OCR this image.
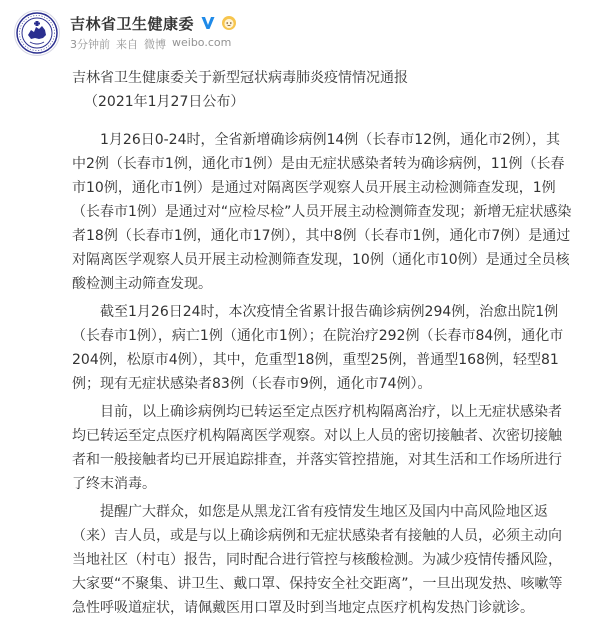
吉林省卫生健康委
3分钟前 来自 微博 weibo.com
吉林省卫生健康委关于新型冠状病毒肺炎疫情情况通报
（2021年1月27日公布）

1月26日0-24时，全省新增确诊病例14例（长春市12例，通化市2例），其中2例（长春市1例，通化市1例）是由无症状感染者转为确诊病例，11例（长春市10例，通化市1例）是通过对隔离医学观察人员开展主动检测筛查发现，1例（长春市1例）是通过对“应检尽检”人员开展主动检测筛查发现；新增无症状感染者18例（长春市1例，通化市17例），其中8例（长春市1例，通化市7例）是通过对隔离医学观察人员开展主动检测筛查发现，10例（通化市10例）是通过全员核酸检测主动筛查发现。

截至1月26日24时，本次疫情全省累计报告确诊病例294例，治愈出院1例（长春市1例），病亡1例（通化市1例）；在院治疗292例（长春市84例，通化市204例，松原市4例），其中，危重型18例，重型25例，普通型168例，轻型81例；现有无症状感染者83例（长春市9例，通化市74例）。

目前，以上确诊病例均已转运至定点医疗机构隔离治疗，以上无症状感染者均已转运至定点医疗机构隔离医学观察。对以上人员的密切接触者、次密切接触者和一般接触者均已开展追踪排查，并落实管控措施，对其生活和工作场所进行了终末消毒。

提醒广大群众，如您是从黑龙江省有疫情发生地区及国内中高风险地区返（来）吉人员，或是与以上确诊病例和无症状感染者有接触的人员，必须主动向当地社区（村屯）报告，同时配合进行管控与核酸检测。为减少疫情传播风险，大家要“不聚集、讲卫生、戴口罩、保持安全社交距离”，一旦出现发热、咳嗽等急性呼吸道症状，请佩戴医用口罩及时到当地定点医疗机构发热门诊就诊。
